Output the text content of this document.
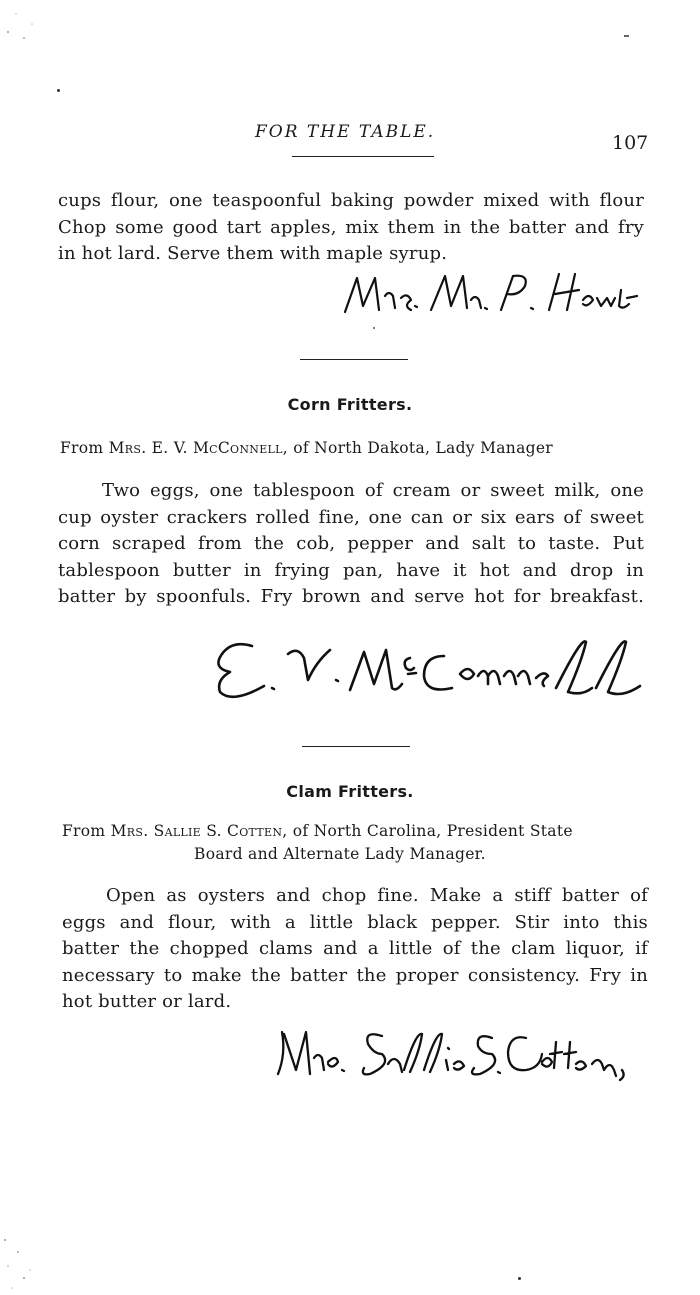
FOR THE TABLE.	107
cups flour, one teaspoonful baking powder mixed with flour
Chop some good tart apples, mix them in the batter and fry
in hot lard. Serve them with maple syrup.
Corn Fritters.
From Mrs. E. V. McConnell, of North Dakota, Lady Manager
Two eggs, one tablespoon of cream or sweet milk, one
cup oyster crackers rolled fine, one can or six ears of sweet
corn scraped from the cob, pepper and salt to taste. Put
tablespoon butter in frying pan, have it hot and drop in
batter by spoonfuls. Fry brown and serve hot for breakfast.
Clam Fritters.
From Mrs. Sallie S. Cotten, of North Carolina, President State
Board and Alternate Lady Manager.
Open as oysters and chop fine. Make a stiff batter of
eggs and flour, with a little black pepper. Stir into this
batter the chopped clams and a little of the clam liquor, if
necessary to make the batter the proper consistency. Fry in
hot butter or lard.
